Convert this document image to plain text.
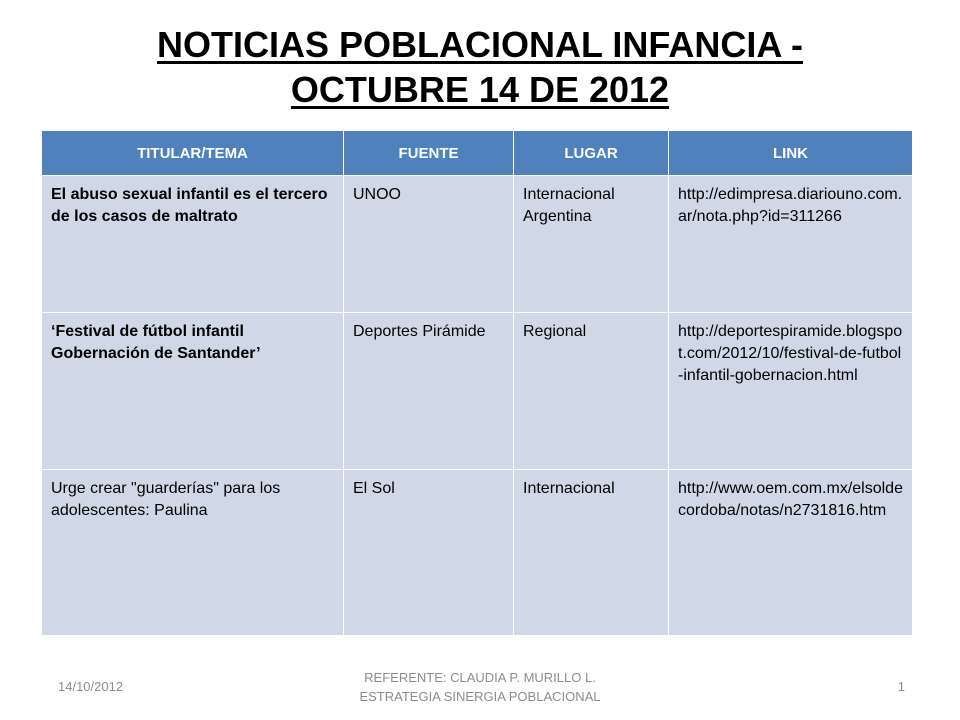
NOTICIAS POBLACIONAL INFANCIA -
OCTUBRE 14 DE 2012
TITULAR/TEMA	FUENTE	LUGAR	LINK
El abuso sexual infantil es el tercero de los casos de maltrato	UNOO	Internacional Argentina	http://edimpresa.diariouno.com.ar/nota.php?id=311266
‘Festival de fútbol infantil Gobernación de Santander’	Deportes Pirámide	Regional	http://deportespiramide.blogspot.com/2012/10/festival-de-futbol-infantil-gobernacion.html
Urge crear "guarderías" para los adolescentes: Paulina	El Sol	Internacional	http://www.oem.com.mx/elsoldecordoba/notas/n2731816.htm
14/10/2012
REFERENTE: CLAUDIA P. MURILLO L.
ESTRATEGIA SINERGIA POBLACIONAL
1
